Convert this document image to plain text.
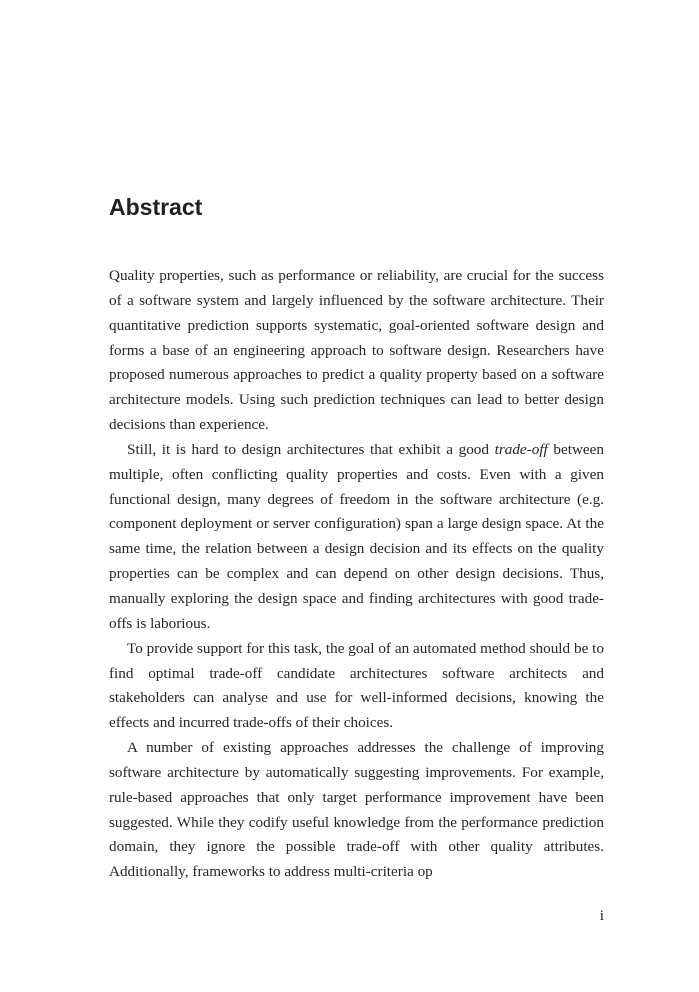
Abstract

Quality properties, such as performance or reliability, are crucial for the success of a software system and largely influenced by the software architecture. Their quantitative prediction supports systematic, goal-oriented software design and forms a base of an engineering approach to software design. Researchers have proposed numerous approaches to predict a quality property based on a software architecture models. Using such prediction techniques can lead to better design decisions than experience.

Still, it is hard to design architectures that exhibit a good trade-off between multiple, often conflicting quality properties and costs. Even with a given functional design, many degrees of freedom in the software architecture (e.g. component deployment or server configuration) span a large design space. At the same time, the relation between a design decision and its effects on the quality properties can be complex and can depend on other design decisions. Thus, manually exploring the design space and finding architectures with good trade-offs is laborious.

To provide support for this task, the goal of an automated method should be to find optimal trade-off candidate architectures software architects and stakeholders can analyse and use for well-informed decisions, knowing the effects and incurred trade-offs of their choices.

A number of existing approaches addresses the challenge of improving software architecture by automatically suggesting improvements. For example, rule-based approaches that only target performance improvement have been suggested. While they codify useful knowledge from the performance prediction domain, they ignore the possible trade-off with other quality attributes. Additionally, frameworks to address multi-criteria op

i
